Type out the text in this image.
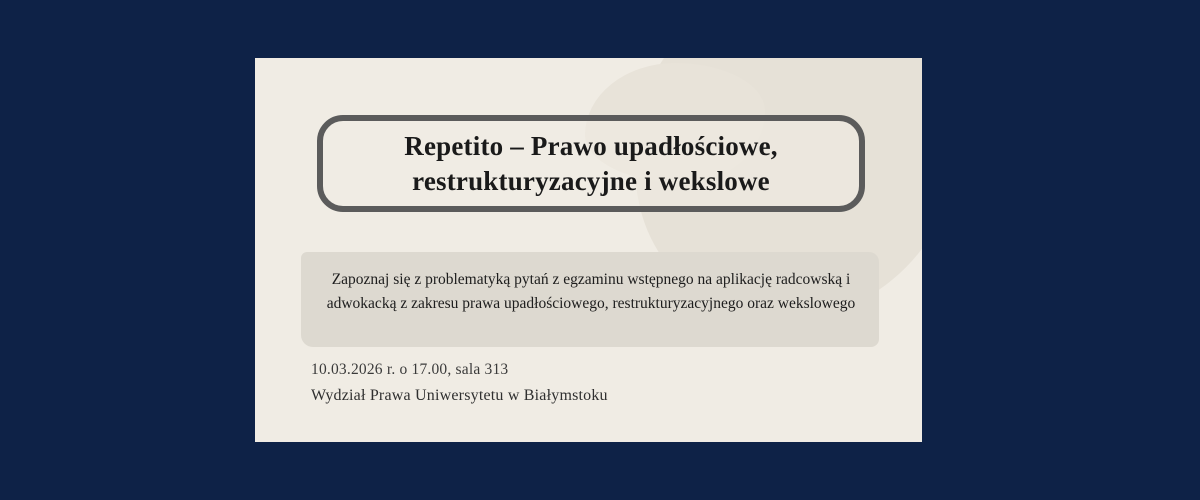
Repetito – Prawo upadłościowe, restrukturyzacyjne i wekslowe
Zapoznaj się z problematyką pytań z egzaminu wstępnego na aplikację radcowską i adwokacką z zakresu prawa upadłościowego, restrukturyzacyjnego oraz wekslowego
10.03.2026 r. o 17.00, sala 313
Wydział Prawa Uniwersytetu w Białymstoku
